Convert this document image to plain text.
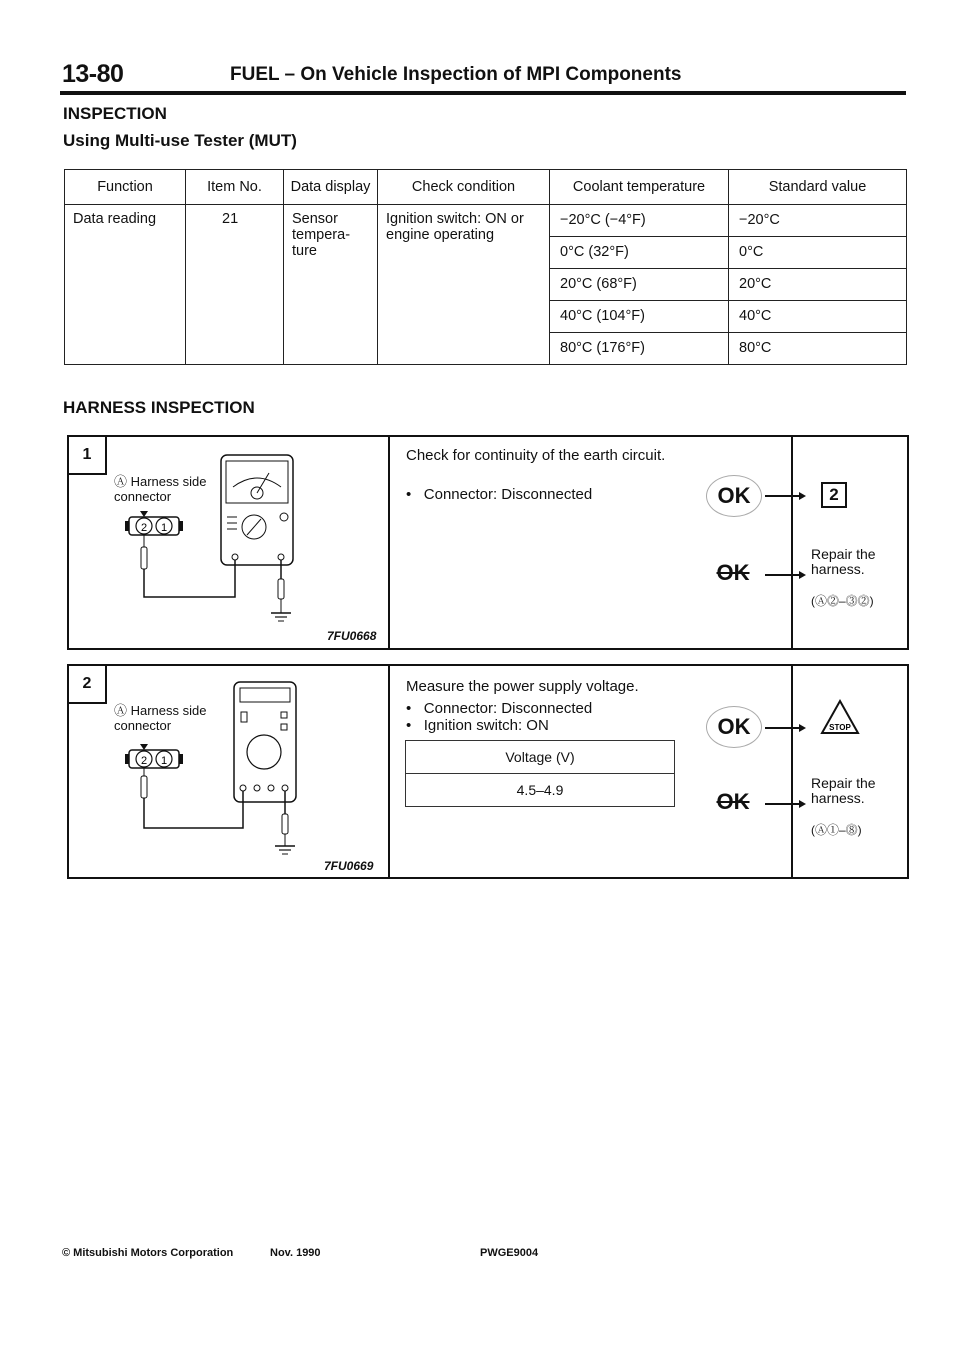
13-80	FUEL – On Vehicle Inspection of MPI Components
INSPECTION
Using Multi-use Tester (MUT)
Function	Item No.	Data display	Check condition	Coolant temperature	Standard value
Data reading	21	Sensor tempera-ture	Ignition switch: ON or engine operating	−20°C (−4°F)	−20°C
				0°C (32°F)	0°C
				20°C (68°F)	20°C
				40°C (104°F)	40°C
				80°C (176°F)	80°C
HARNESS INSPECTION
1
2 1
Ⓐ Harness side connector
7FU0668
Check for continuity of the earth circuit.
•   Connector: Disconnected	OK	2
OK
Repair the harness.
(Ⓐ⓶–⓷⓶)
2
2 1
Ⓐ Harness side connector
7FU0669
Measure the power supply voltage.
•   Connector: Disconnected
•   Ignition switch: ON
Voltage (V)
4.5–4.9
OK	STOP
OK
Repair the harness.
(Ⓐ①–⓼)
© Mitsubishi Motors Corporation	Nov. 1990	PWGE9004
